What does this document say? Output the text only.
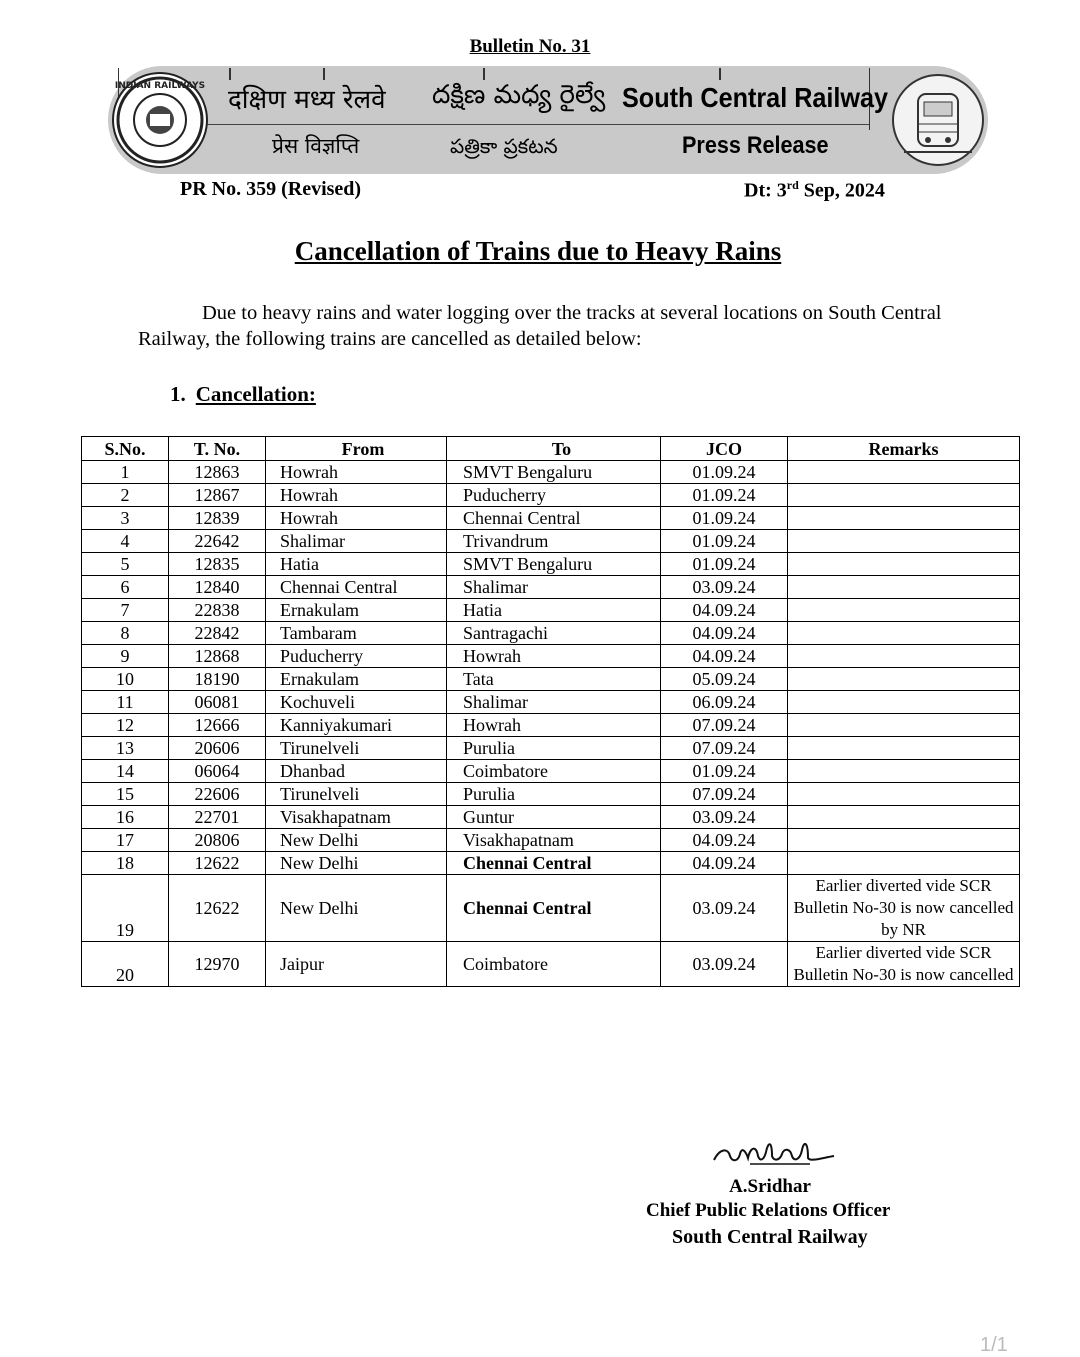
Bulletin No. 31
INDIAN RAILWAYS दक्षिण मध्य रेलवे దక్షిణ మధ్య రైల్వే South Central Railway
प्रेस विज्ञप्ति	పత్రికా ప్రకటన	Press Release
PR No. 359 (Revised)	Dt: 3rd Sep, 2024
Cancellation of Trains due to Heavy Rains
Due to heavy rains and water logging over the tracks at several locations on South Central Railway, the following trains are cancelled as detailed below:
1. Cancellation:
S.No.	T. No.	From	To	JCO	Remarks
1	12863	Howrah	SMVT Bengaluru	01.09.24	
2	12867	Howrah	Puducherry	01.09.24	
3	12839	Howrah	Chennai Central	01.09.24	
4	22642	Shalimar	Trivandrum	01.09.24	
5	12835	Hatia	SMVT Bengaluru	01.09.24	
6	12840	Chennai Central	Shalimar	03.09.24	
7	22838	Ernakulam	Hatia	04.09.24	
8	22842	Tambaram	Santragachi	04.09.24	
9	12868	Puducherry	Howrah	04.09.24	
10	18190	Ernakulam	Tata	05.09.24	
11	06081	Kochuveli	Shalimar	06.09.24	
12	12666	Kanniyakumari	Howrah	07.09.24	
13	20606	Tirunelveli	Purulia	07.09.24	
14	06064	Dhanbad	Coimbatore	01.09.24	
15	22606	Tirunelveli	Purulia	07.09.24	
16	22701	Visakhapatnam	Guntur	03.09.24	
17	20806	New Delhi	Visakhapatnam	04.09.24	
18	12622	New Delhi	Chennai Central	04.09.24	
19	12622	New Delhi	Chennai Central	03.09.24	Earlier diverted vide SCR Bulletin No-30 is now cancelled by NR
20	12970	Jaipur	Coimbatore	03.09.24	Earlier diverted vide SCR Bulletin No-30 is now cancelled
A.Sridhar
Chief Public Relations Officer
South Central Railway
1/1
